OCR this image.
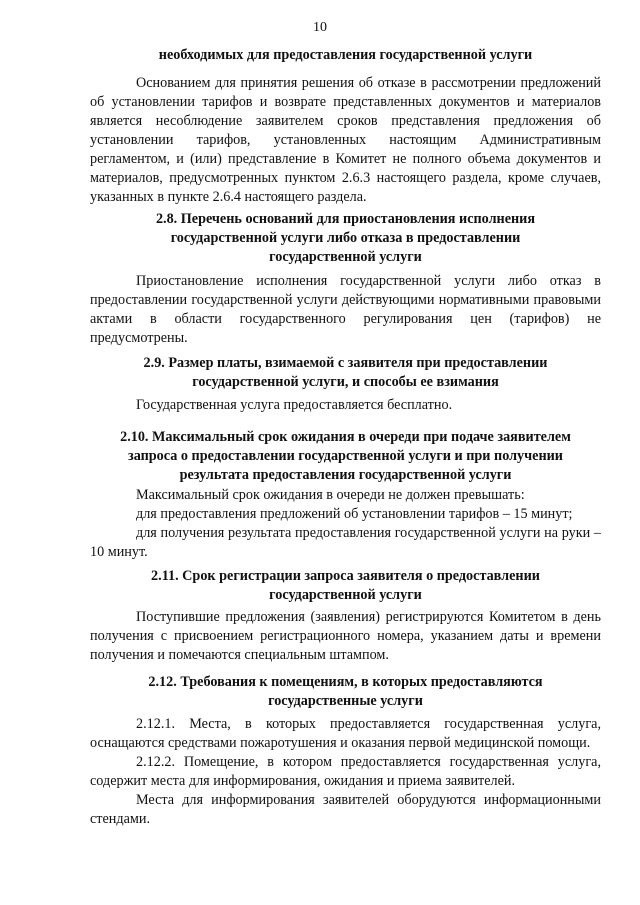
10

необходимых для предоставления государственной услуги

Основанием для принятия решения об отказе в рассмотрении предложений об установлении тарифов и возврате представленных документов и материалов является несоблюдение заявителем сроков представления предложения об установлении тарифов, установленных настоящим Административным регламентом, и (или) представление в Комитет не полного объема документов и материалов, предусмотренных пунктом 2.6.3 настоящего раздела, кроме случаев, указанных в пункте 2.6.4 настоящего раздела.

2.8. Перечень оснований для приостановления исполнения государственной услуги либо отказа в предоставлении государственной услуги

Приостановление исполнения государственной услуги либо отказ в предоставлении государственной услуги действующими нормативными правовыми актами в области государственного регулирования цен (тарифов) не предусмотрены.

2.9. Размер платы, взимаемой с заявителя при предоставлении государственной услуги, и способы ее взимания

Государственная услуга предоставляется бесплатно.

2.10. Максимальный срок ожидания в очереди при подаче заявителем запроса о предоставлении государственной услуги и при получении результата предоставления государственной услуги

Максимальный срок ожидания в очереди не должен превышать:

для предоставления предложений об установлении тарифов – 15 минут;

для получения результата предоставления государственной услуги на руки – 10 минут.

2.11. Срок регистрации запроса заявителя о предоставлении государственной услуги

Поступившие предложения (заявления) регистрируются Комитетом в день получения с присвоением регистрационного номера, указанием даты и времени получения и помечаются специальным штампом.

2.12. Требования к помещениям, в которых предоставляются государственные услуги

2.12.1. Места, в которых предоставляется государственная услуга, оснащаются средствами пожаротушения и оказания первой медицинской помощи.

2.12.2. Помещение, в котором предоставляется государственная услуга, содержит места для информирования, ожидания и приема заявителей.

Места для информирования заявителей оборудуются информационными стендами.
